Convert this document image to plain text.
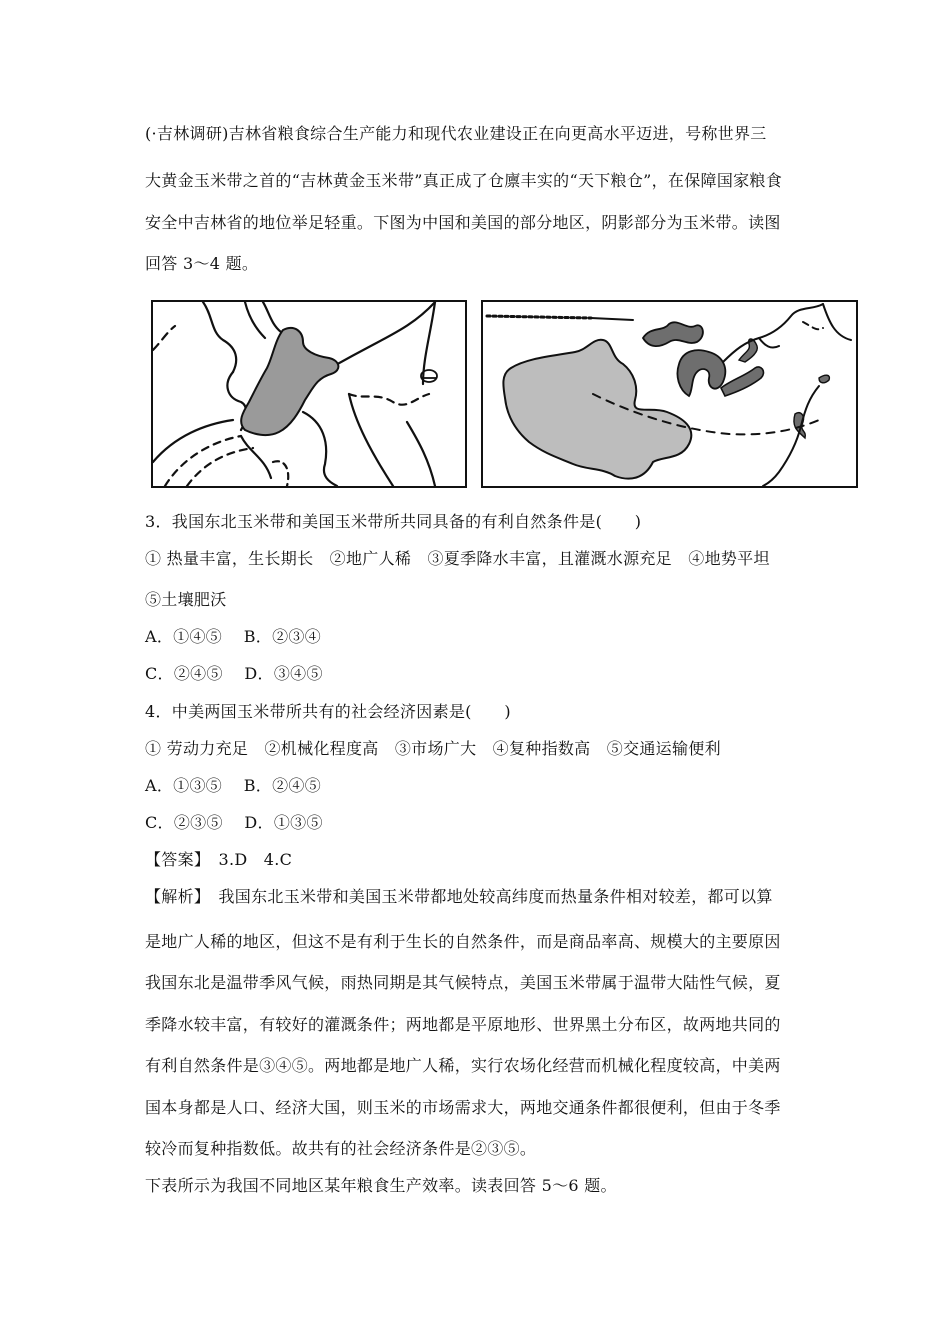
(·吉林调研)吉林省粮食综合生产能力和现代农业建设正在向更高水平迈进，号称世界三
大黄金玉米带之首的“吉林黄金玉米带”真正成了仓廪丰实的“天下粮仓”，在保障国家粮食
安全中吉林省的地位举足轻重。下图为中国和美国的部分地区，阴影部分为玉米带。读图
回答 3～4 题。
3．我国东北玉米带和美国玉米带所共同具备的有利自然条件是(　　)
① 热量丰富，生长期长　②地广人稀　③夏季降水丰富，且灌溉水源充足　④地势平坦
⑤土壤肥沃
A．①④⑤　 B．②③④
C．②④⑤　 D．③④⑤
4．中美两国玉米带所共有的社会经济因素是(　　)
① 劳动力充足　②机械化程度高　③市场广大　④复种指数高　⑤交通运输便利
A．①③⑤　 B．②④⑤
C．②③⑤　 D．①③⑤
【答案】　3.D　4.C
【解析】　我国东北玉米带和美国玉米带都地处较高纬度而热量条件相对较差，都可以算
是地广人稀的地区，但这不是有利于生长的自然条件，而是商品率高、规模大的主要原因
我国东北是温带季风气候，雨热同期是其气候特点，美国玉米带属于温带大陆性气候，夏
季降水较丰富，有较好的灌溉条件；两地都是平原地形、世界黑土分布区，故两地共同的
有利自然条件是③④⑤。两地都是地广人稀，实行农场化经营而机械化程度较高，中美两
国本身都是人口、经济大国，则玉米的市场需求大，两地交通条件都很便利，但由于冬季
较冷而复种指数低。故共有的社会经济条件是②③⑤。
下表所示为我国不同地区某年粮食生产效率。读表回答 5～6 题。
